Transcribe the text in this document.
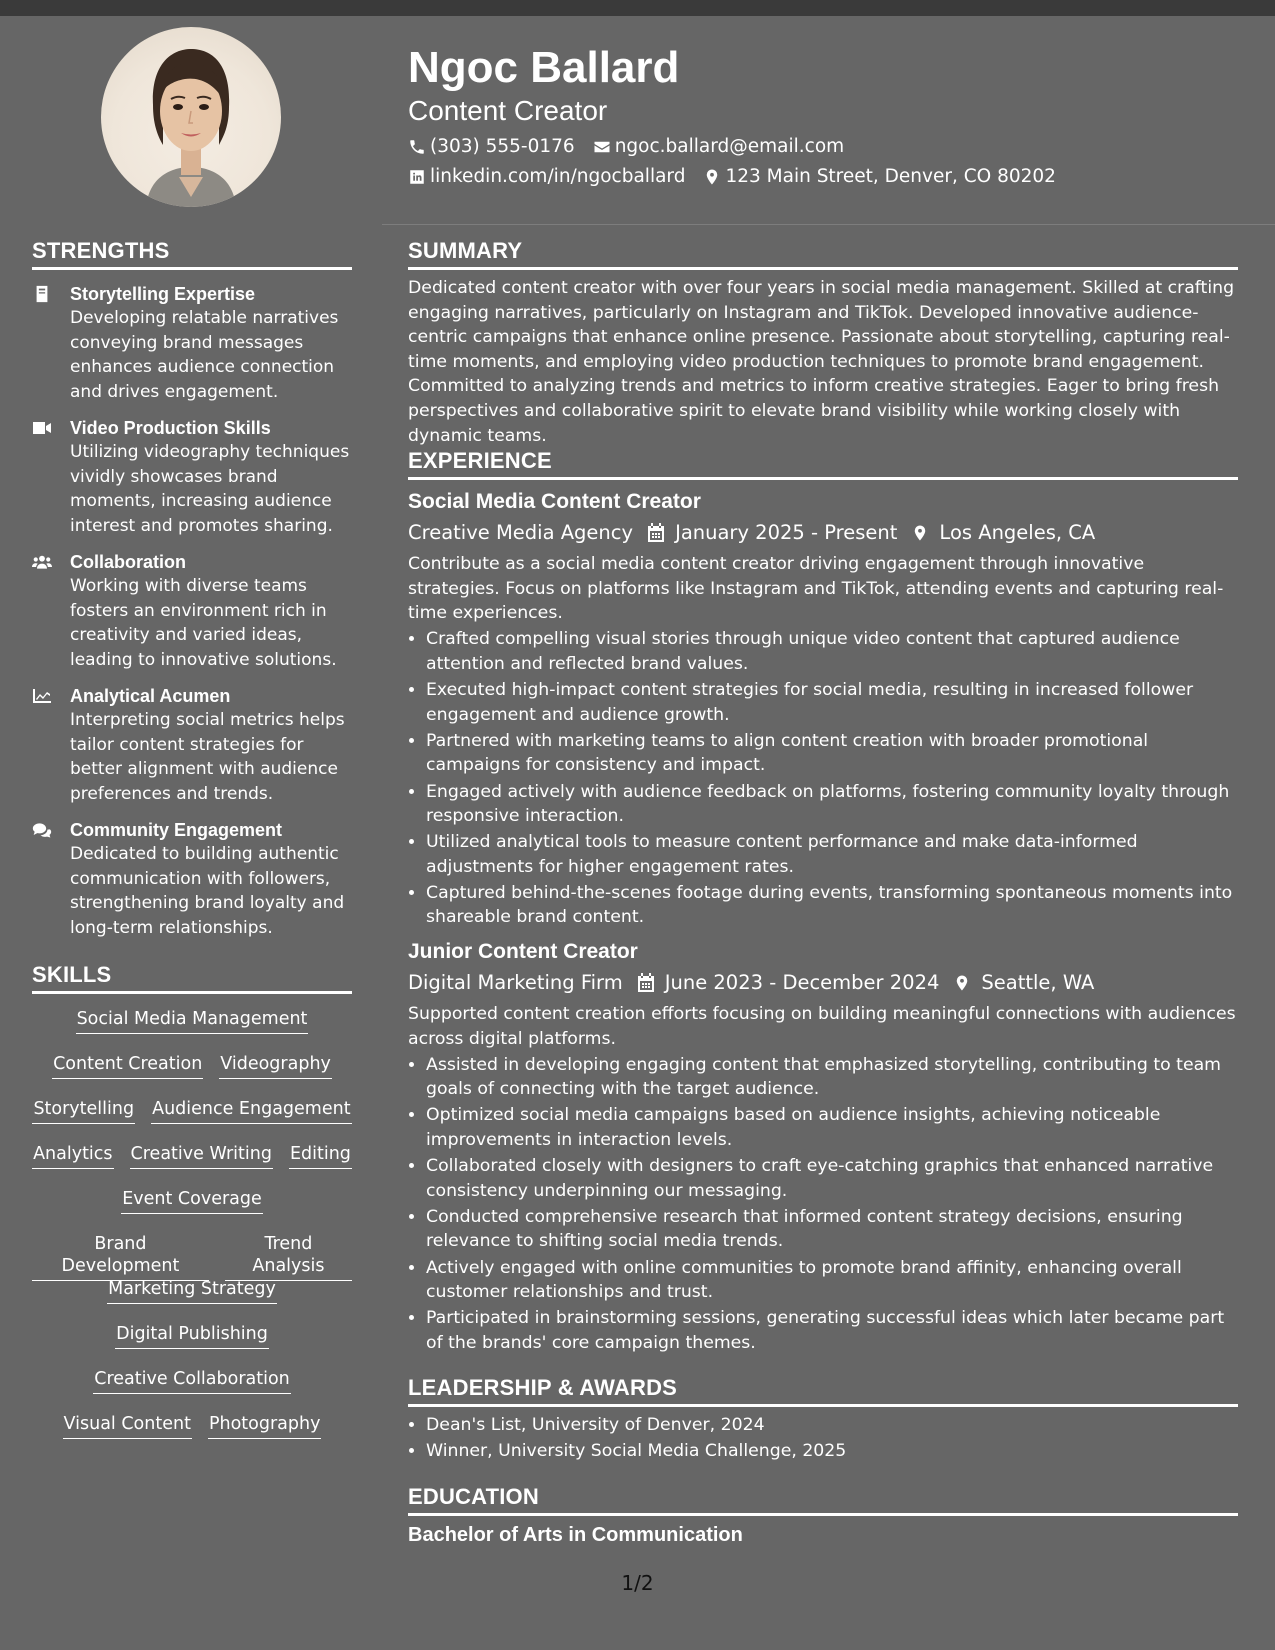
Ngoc Ballard
Content Creator
(303) 555-0176 ngoc.ballard@email.com
linkedin.com/in/ngocballard 123 Main Street, Denver, CO 80202
STRENGTHS
Storytelling Expertise
Developing relatable narratives conveying brand messages enhances audience connection and drives engagement.
Video Production Skills
Utilizing videography techniques vividly showcases brand moments, increasing audience interest and promotes sharing.
Collaboration
Working with diverse teams fosters an environment rich in creativity and varied ideas, leading to innovative solutions.
Analytical Acumen
Interpreting social metrics helps tailor content strategies for better alignment with audience preferences and trends.
Community Engagement
Dedicated to building authentic communication with followers, strengthening brand loyalty and long-term relationships.
SKILLS
Social Media Management
Content Creation Videography
Storytelling Audience Engagement
Analytics Creative Writing Editing
Event Coverage
Brand Development
Trend Analysis
Marketing Strategy
Digital Publishing
Creative Collaboration
Visual Content Photography
SUMMARY

Dedicated content creator with over four years in social media management. Skilled at crafting engaging narratives, particularly on Instagram and TikTok. Developed innovative audience-centric campaigns that enhance online presence. Passionate about storytelling, capturing real-time moments, and employing video production techniques to promote brand engagement. Committed to analyzing trends and metrics to inform creative strategies. Eager to bring fresh perspectives and collaborative spirit to elevate brand visibility while working closely with dynamic teams.

EXPERIENCE
Social Media Content Creator
Creative Media Agency January 2025 - Present Los Angeles, CA

Contribute as a social media content creator driving engagement through innovative strategies. Focus on platforms like Instagram and TikTok, attending events and capturing real-time experiences.

• Crafted compelling visual stories through unique video content that captured audience attention and reflected brand values.
• Executed high-impact content strategies for social media, resulting in increased follower engagement and audience growth.
• Partnered with marketing teams to align content creation with broader promotional campaigns for consistency and impact.
• Engaged actively with audience feedback on platforms, fostering community loyalty through responsive interaction.
• Utilized analytical tools to measure content performance and make data-informed adjustments for higher engagement rates.
• Captured behind-the-scenes footage during events, transforming spontaneous moments into shareable brand content.
Junior Content Creator
Digital Marketing Firm June 2023 - December 2024 Seattle, WA

Supported content creation efforts focusing on building meaningful connections with audiences across digital platforms.

• Assisted in developing engaging content that emphasized storytelling, contributing to team goals of connecting with the target audience.
• Optimized social media campaigns based on audience insights, achieving noticeable improvements in interaction levels.
• Collaborated closely with designers to craft eye-catching graphics that enhanced narrative consistency underpinning our messaging.
• Conducted comprehensive research that informed content strategy decisions, ensuring relevance to shifting social media trends.
• Actively engaged with online communities to promote brand affinity, enhancing overall customer relationships and trust.
• Participated in brainstorming sessions, generating successful ideas which later became part of the brands' core campaign themes.
LEADERSHIP & AWARDS
• Dean's List, University of Denver, 2024
• Winner, University Social Media Challenge, 2025
EDUCATION
Bachelor of Arts in Communication
1/2
